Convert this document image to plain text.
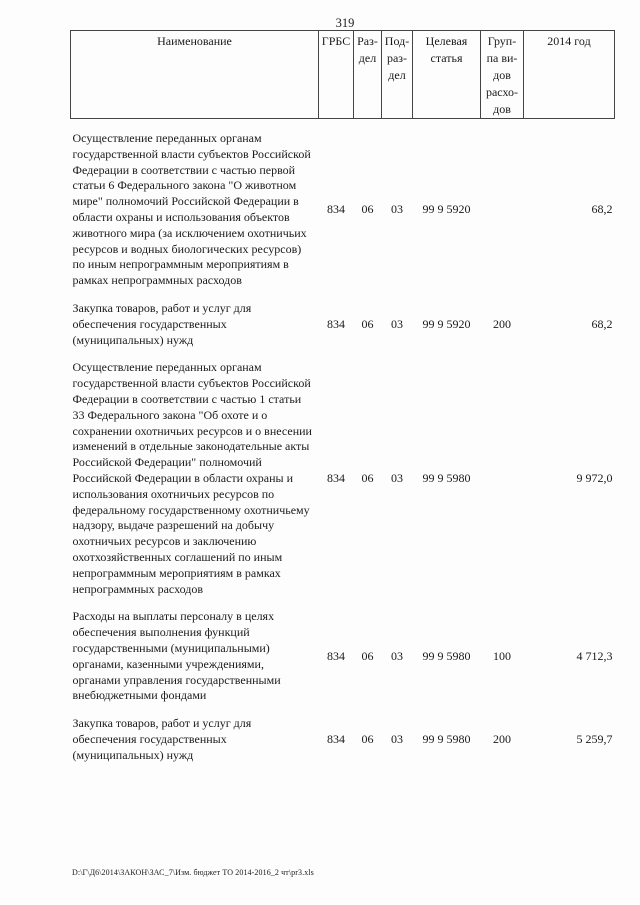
319
Наименование	ГРБС	Раз-дел	Под-раз-дел	Целевая статья	Груп-па ви-дов расхо-дов	2014 год
Осуществление переданных органам государственной власти субъектов Российской Федерации в соответствии с частью первой статьи 6 Федерального закона "О животном мире" полномочий Российской Федерации в области охраны и использования объектов животного мира (за исключением охотничьих ресурсов и водных биологических ресурсов) по иным непрограммным мероприятиям в рамках непрограммных расходов	834	06	03	99 9 5920		68,2
Закупка товаров, работ и услуг для обеспечения государственных (муниципальных) нужд	834	06	03	99 9 5920	200	68,2
Осуществление переданных органам государственной власти субъектов Российской Федерации в соответствии с частью 1 статьи 33 Федерального закона "Об охоте и о сохранении охотничьих ресурсов и о внесении изменений в отдельные законодательные акты Российской Федерации" полномочий Российской Федерации в области охраны и использования охотничьих ресурсов по федеральному государственному охотничьему надзору, выдаче разрешений на добычу охотничьих ресурсов и заключению охотхозяйственных соглашений по иным непрограммным мероприятиям в рамках непрограммных расходов	834	06	03	99 9 5980		9 972,0
Расходы на выплаты персоналу в целях обеспечения выполнения функций государственными (муниципальными) органами, казенными учреждениями, органами управления государственными внебюджетными фондами	834	06	03	99 9 5980	100	4 712,3
Закупка товаров, работ и услуг для обеспечения государственных (муниципальных) нужд	834	06	03	99 9 5980	200	5 259,7
D:\Г\Д6\2014\ЗАКОН\ЗАС_7\Изм. бюджет ТО 2014-2016_2 чт\pr3.xls
